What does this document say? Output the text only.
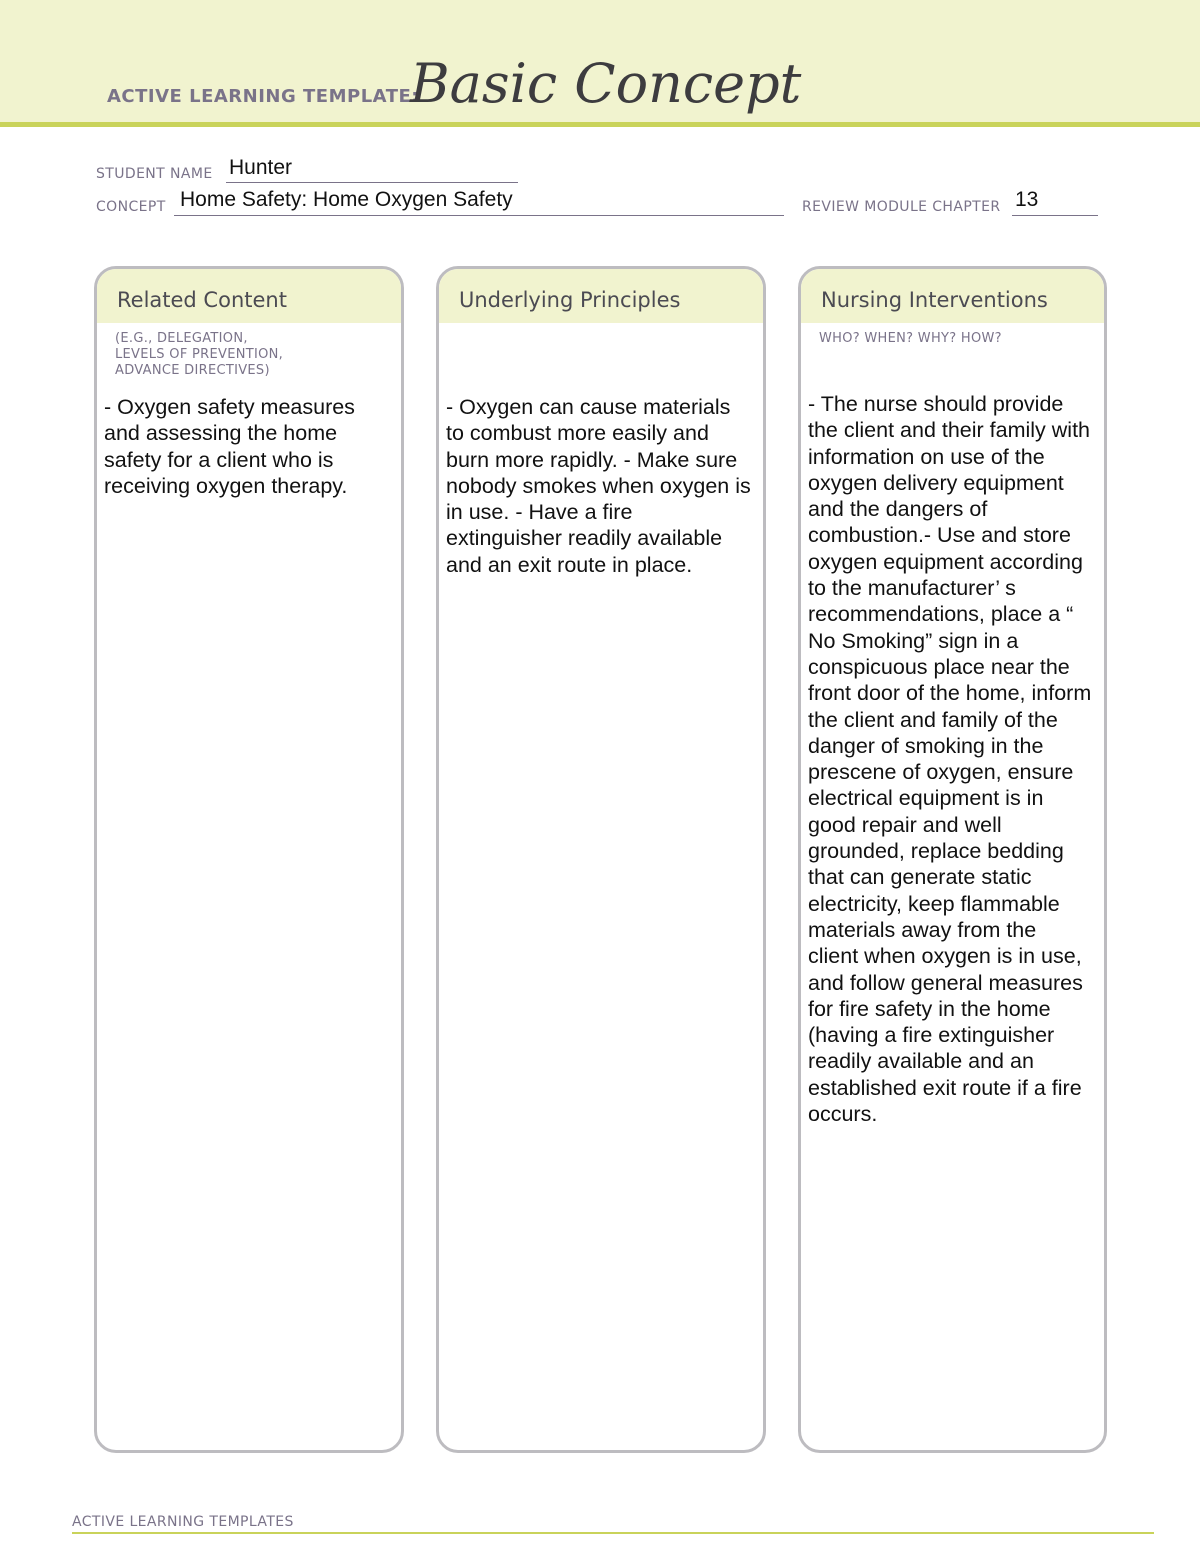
ACTIVE LEARNING TEMPLATE:
Basic Concept
STUDENT NAME Hunter
CONCEPT Home Safety: Home Oxygen Safety	REVIEW MODULE CHAPTER 13
Related Content
(E.G., DELEGATION,
LEVELS OF PREVENTION,
ADVANCE DIRECTIVES)
- Oxygen safety measures and assessing the home safety for a client who is receiving oxygen therapy.
Underlying Principles
- Oxygen can cause materials to combust more easily and burn more rapidly. - Make sure nobody smokes when oxygen is in use. - Have a fire extinguisher readily available and an exit route in place.
Nursing Interventions
WHO? WHEN? WHY? HOW?
- The nurse should provide the client and their family with information on use of the oxygen delivery equipment and the dangers of combustion.- Use and store oxygen equipment according to the manufacturer’ s recommendations, place a “ No Smoking” sign in a conspicuous place near the front door of the home, inform the client and family of the danger of smoking in the prescene of oxygen, ensure electrical equipment is in good repair and well grounded, replace bedding that can generate static electricity, keep flammable materials away from the client when oxygen is in use, and follow general measures for fire safety in the home (having a fire extinguisher readily available and an established exit route if a fire occurs.
ACTIVE LEARNING TEMPLATES
